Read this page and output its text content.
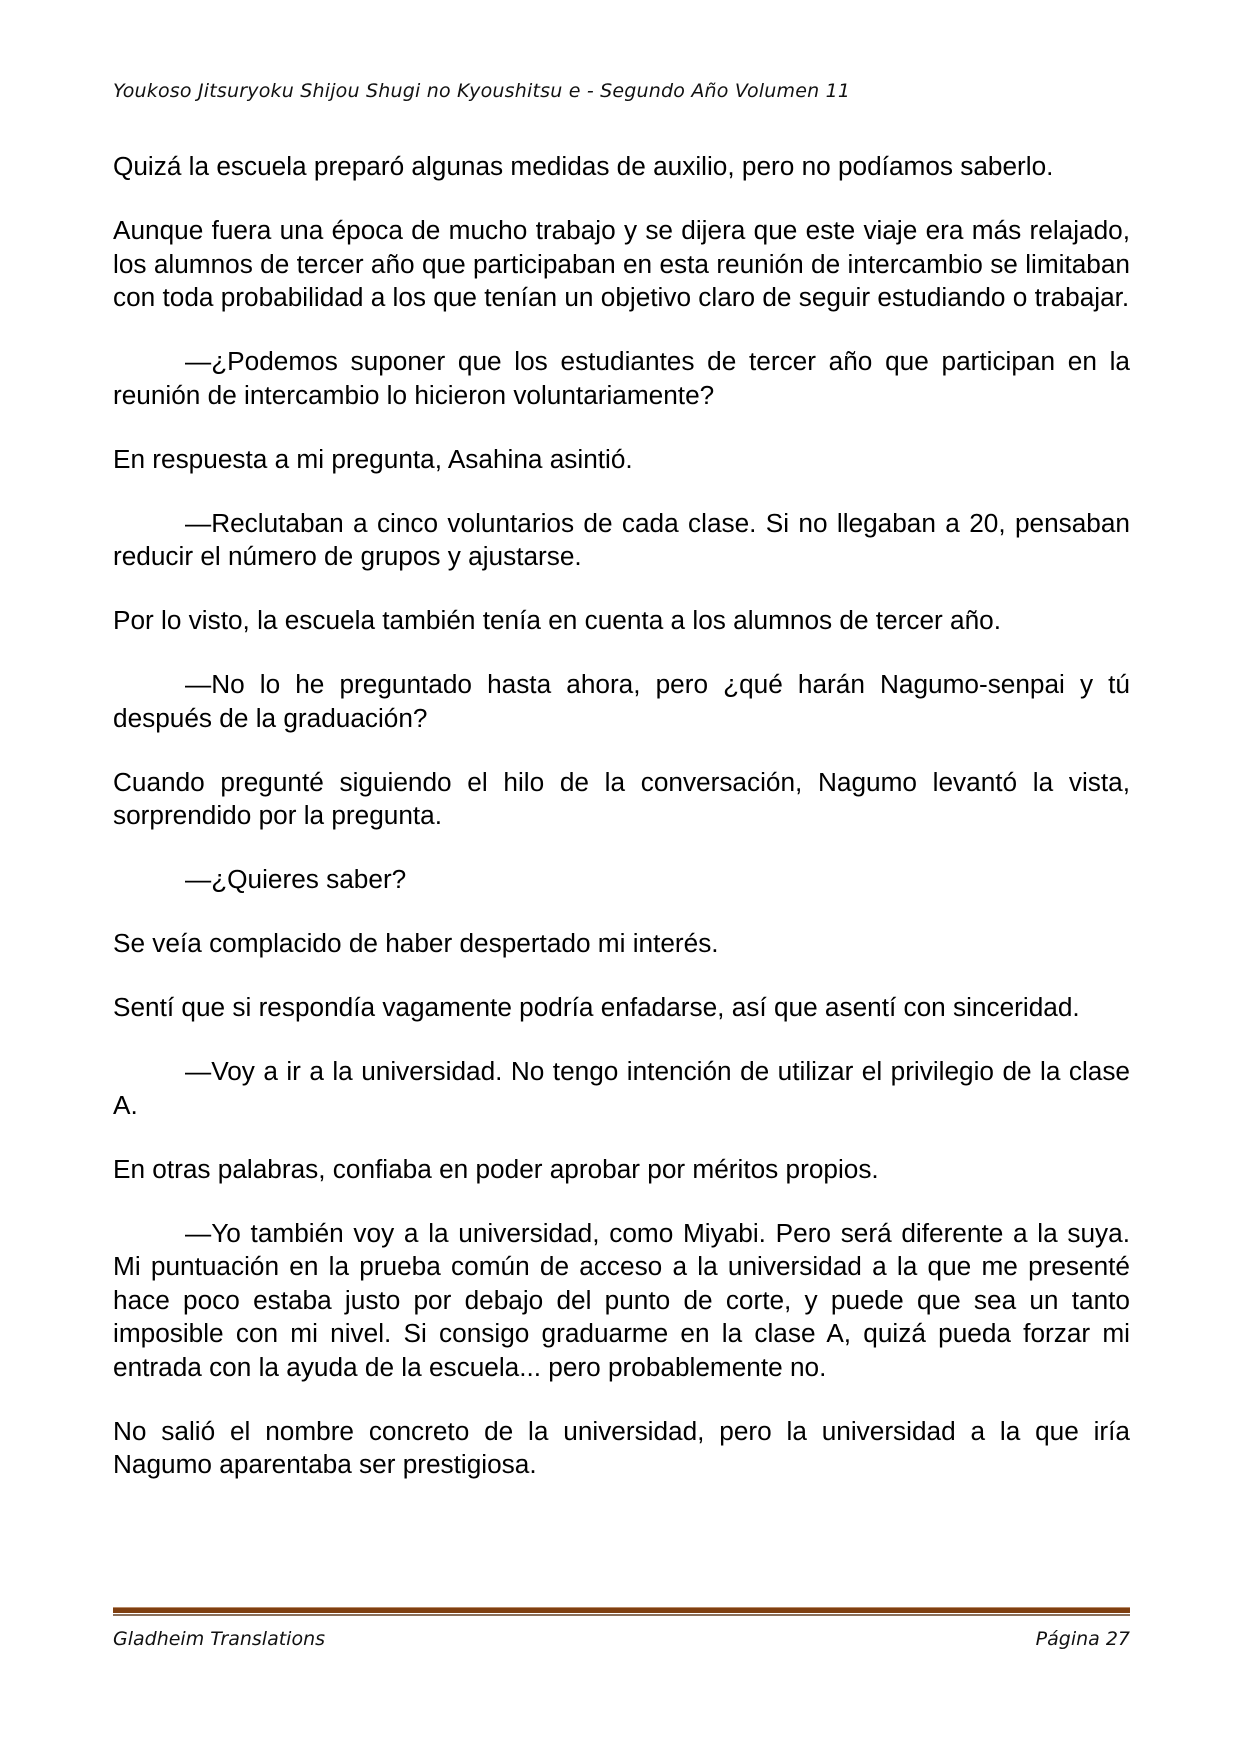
Youkoso Jitsuryoku Shijou Shugi no Kyoushitsu e - Segundo Año Volumen 11

Quizá la escuela preparó algunas medidas de auxilio, pero no podíamos saberlo.

Aunque fuera una época de mucho trabajo y se dijera que este viaje era más relajado, los alumnos de tercer año que participaban en esta reunión de intercambio se limitaban con toda probabilidad a los que tenían un objetivo claro de seguir estudiando o trabajar.

—¿Podemos suponer que los estudiantes de tercer año que participan en la reunión de intercambio lo hicieron voluntariamente?

En respuesta a mi pregunta, Asahina asintió.

—Reclutaban a cinco voluntarios de cada clase. Si no llegaban a 20, pensaban reducir el número de grupos y ajustarse.

Por lo visto, la escuela también tenía en cuenta a los alumnos de tercer año.

—No lo he preguntado hasta ahora, pero ¿qué harán Nagumo-senpai y tú después de la graduación?

Cuando pregunté siguiendo el hilo de la conversación, Nagumo levantó la vista, sorprendido por la pregunta.

—¿Quieres saber?

Se veía complacido de haber despertado mi interés.

Sentí que si respondía vagamente podría enfadarse, así que asentí con sinceridad.

—Voy a ir a la universidad. No tengo intención de utilizar el privilegio de la clase A.

En otras palabras, confiaba en poder aprobar por méritos propios.

—Yo también voy a la universidad, como Miyabi. Pero será diferente a la suya. Mi puntuación en la prueba común de acceso a la universidad a la que me presenté hace poco estaba justo por debajo del punto de corte, y puede que sea un tanto imposible con mi nivel. Si consigo graduarme en la clase A, quizá pueda forzar mi entrada con la ayuda de la escuela... pero probablemente no.

No salió el nombre concreto de la universidad, pero la universidad a la que iría Nagumo aparentaba ser prestigiosa.

Gladheim Translations	Página 27
